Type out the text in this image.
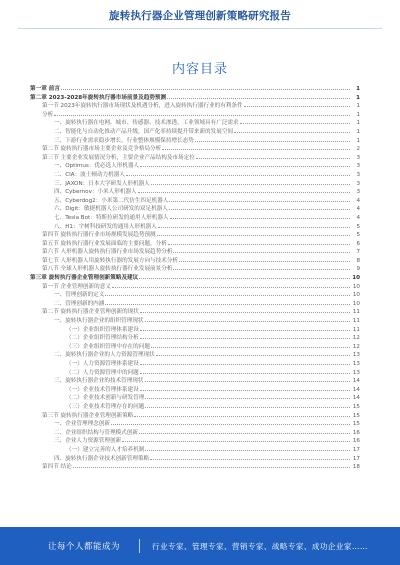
旋转执行器企业管理创新策略研究报告
内容目录
第一章 前言	1
第二章 2023-2028年旋转执行器市场前景及趋势预测	1
第一节 2023年旋转执行器市场现状及机遇分析，进入旋转执行器行业的有利条件	1
分析	1
一、旋转执行器在电网、城市、传感器、技术渗透，工业领域具有广泛需求	1
二、智能化与自动化推动产品升级，国产化率持续提升带来新的发展空间	1
三、下游行业需求稳步增长，行业整体规模保持增长态势	1
第二节 旋转执行器市场主要企业及竞争格局分析	2
第三节 主要企业发展情况分析，主要企业产品结构及市场定位	3
一、Optimus：优必选人形机器人	3
二、CIA：波士顿动力机器人	3
三、JAXON：日本大学研发人形机器人	3
四、Cybernov：小米人形机器人	3
五、Cyberdog2：小米第二代仿生四足机器人	4
六、Digit：敏捷机器人公司研发的双足机器人	4
七、Tesla Bot：特斯拉研发的通用人形机器人	4
八、H1：宇树科技研发的通用人形机器人	5
第四节 旋转执行器行业市场规模发展趋势预测	5
第五节 旋转执行器行业发展面临的主要问题，分析	6
第六节 人形机器人旋转执行器行业市场发展趋势分析	7
第七节 人形机器人用旋转执行器的发展方向与技术分析	8
第八节 全球人形机器人旋转执行器行业发展前景分析	9
第三章 旋转执行器企业管理创新策略及建议	10
第一节 企业管理创新的意义	10
一、管理创新的定义	10
二、管理创新的内涵	10
第二节 旋转执行器企业管理创新的现状	11
一、旋转执行器企业的组织管理现状	11
（一）企业组织管理体系建设	11
（二）企业组织管理结构分析	12
（三）企业组织管理中存在的问题	12
二、旋转执行器企业的人力资源管理现状	13
（一）人力资源管理体系建设	13
（二）人力资源管理中的问题	13
三、旋转执行器企业的技术管理现状	14
（一）企业技术管理体系建设	14
（二）企业技术创新与研发管理	14
（三）企业技术管理存在的问题	15
第三节 旋转执行器企业管理创新策略	15
一、企业管理理念创新	15
二、企业组织结构与管理模式创新	16
三、企业人力资源管理创新	16
（一）建立完善的人才培养机制	17
四、旋转执行器企业技术创新管理策略	17
第四节 结论	18
让每个人都能成为	行业专家、管理专家、营销专家、战略专家、成功企业家……
